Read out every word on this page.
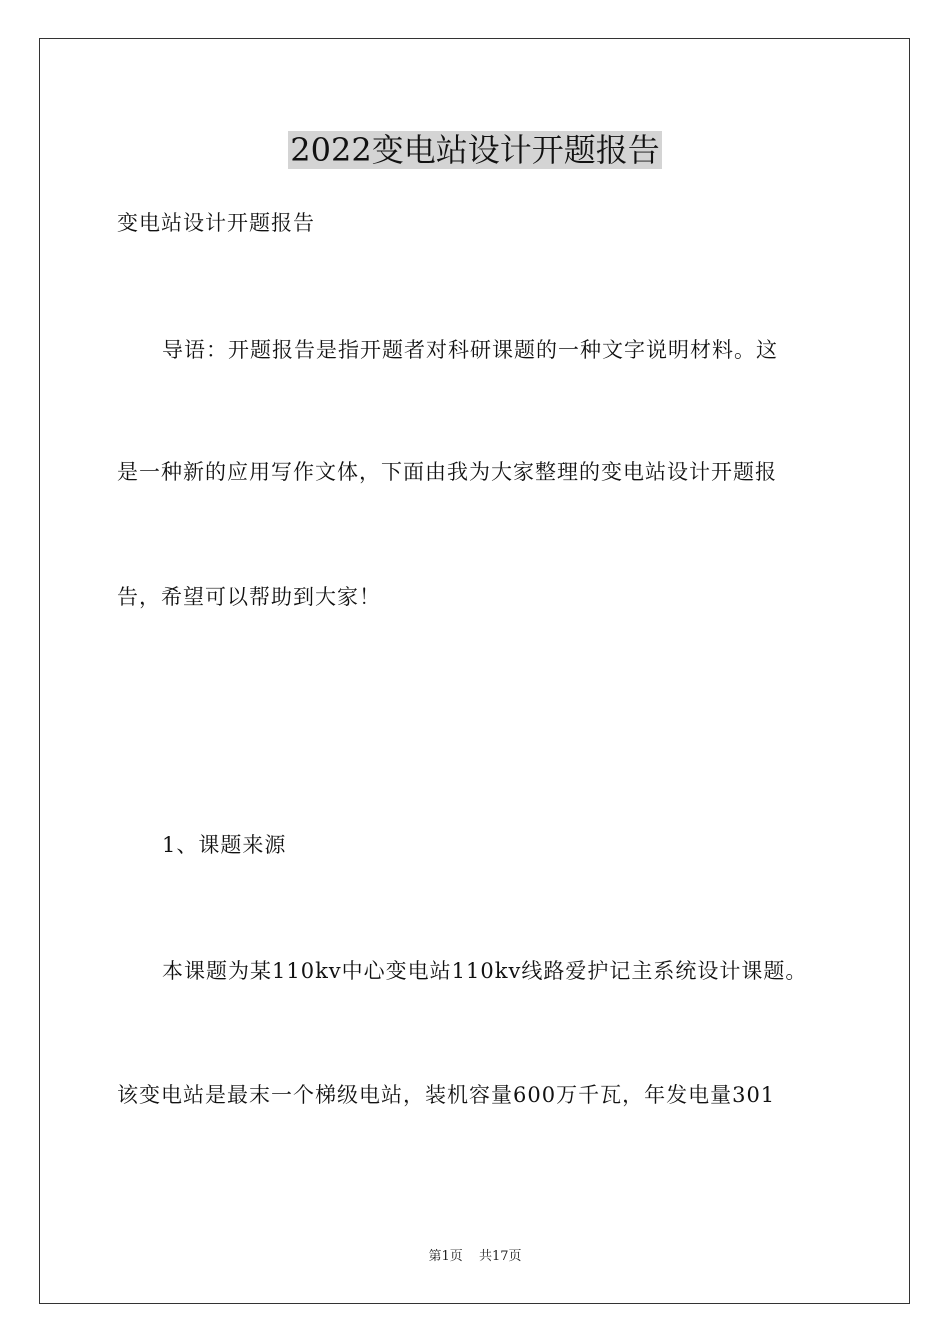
2022变电站设计开题报告
变电站设计开题报告
导语：开题报告是指开题者对科研课题的一种文字说明材料。这
是一种新的应用写作文体，下面由我为大家整理的变电站设计开题报
告，希望可以帮助到大家！
1、课题来源
本课题为某110kv中心变电站110kv线路爱护记主系统设计课题。
该变电站是最末一个梯级电站，装机容量600万千瓦，年发电量301
第1页 共17页
